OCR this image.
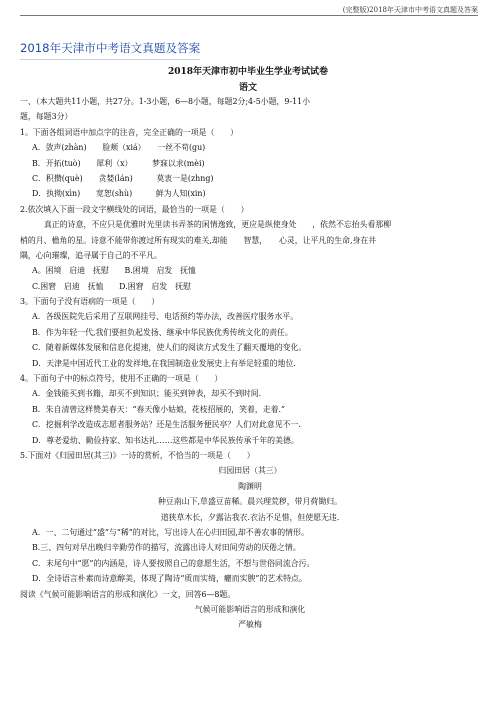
(完整版)2018年天津市中考语文真题及答案
2018年天津市中考语文真题及答案
2018年天津市初中毕业生学业考试试卷
语文
一、（本大题共11小题，共27分。1-3小题，6—8小题，每题2分;4-5小题，9-11小
题，每题3分）
1。下面各组词语中加点字的注音，完全正确的一项是（　　）
A．敛声(zhàn)　　脸颊（xiá）　　一丝不苟(gu)
B．开拓(tuò)　　犀利（x）　　　梦寐以求(mèi)
C．积攒(què)　　贪婪(lán)　　　莫衷一是(zhng)
D．执拗(xìn)　　宽恕(shù)　　　鲜为人知(xin)
2.依次填入下面一段文字横线处的词语，最恰当的一项是（　　）
真正的诗意，不应只是优雅时光里读书弄茶的闲情逸致，更应是纵使身处　　，依然不忘抬头看那柳
梢的月、檐角的星。诗意不能带你渡过所有现实的难关,却能　　智慧，　　心灵，让平凡的生命,身在井
隅，心向璀璨，追寻属于自己的不平凡。
A。困境　启迪　抚慰　　B.困境　启发　抚恤
C.困窘　启迪　抚恤　　D.困窘　启发　抚慰
3。下面句子没有语病的一项是（　　）
A．各级医院先后采用了互联网挂号、电话预约等办法，改善医疗服务水平。
B．作为年轻一代,我们要担负起发扬、继承中华民族优秀传统文化的责任。
C．随着新媒体发展和信息化提速，使人们的阅读方式发生了翻天覆地的变化。
D．天津是中国近代工业的发祥地,在我国制造业发展史上有举足轻重的地位.
4。下面句子中的标点符号，使用不正确的一项是（　　）
A．金钱能买到书籍，却买不到知识；能买到钟表，却买不到时间.
B．朱自清曾这样赞美春天：“春天像小姑娘，花枝招展的，笑着，走着.”
C．挖掘利学改造成志愿者服务站？还是生活服务便民亭？人们对此意见不一.
D．尊老爱幼、勤俭持家、知书达礼……这些都是中华民族传承千年的美德。
5.下面对《归园田居(其三)》一诗的赏析，不恰当的一项是（　　）
归园田居（其三）
陶渊明
种豆南山下,草盛豆苗稀。晨兴理荒秽，带月荷锄归。
道狭草木长，夕露沾我衣.衣沾不足惜，但使愿无违.
A．一、二句通过“盛”与“稀”的对比，写出诗人在心归田园,却不善农事的情形。
B.三、四句对早出晚归辛勤劳作的描写，流露出诗人对田间劳动的厌倦之情。
C．末尾句中“愿”的内涵是，诗人要按照自己的意愿生活，不想与世俗同流合污。
D．全诗语言朴素而诗意醇美，体现了陶诗“质而实绮，癯而实腴”的艺术特点。
阅读《气候可能影响语言的形成和演化》一文，回答6—8题。
气候可能影响语言的形成和演化
严敏梅
